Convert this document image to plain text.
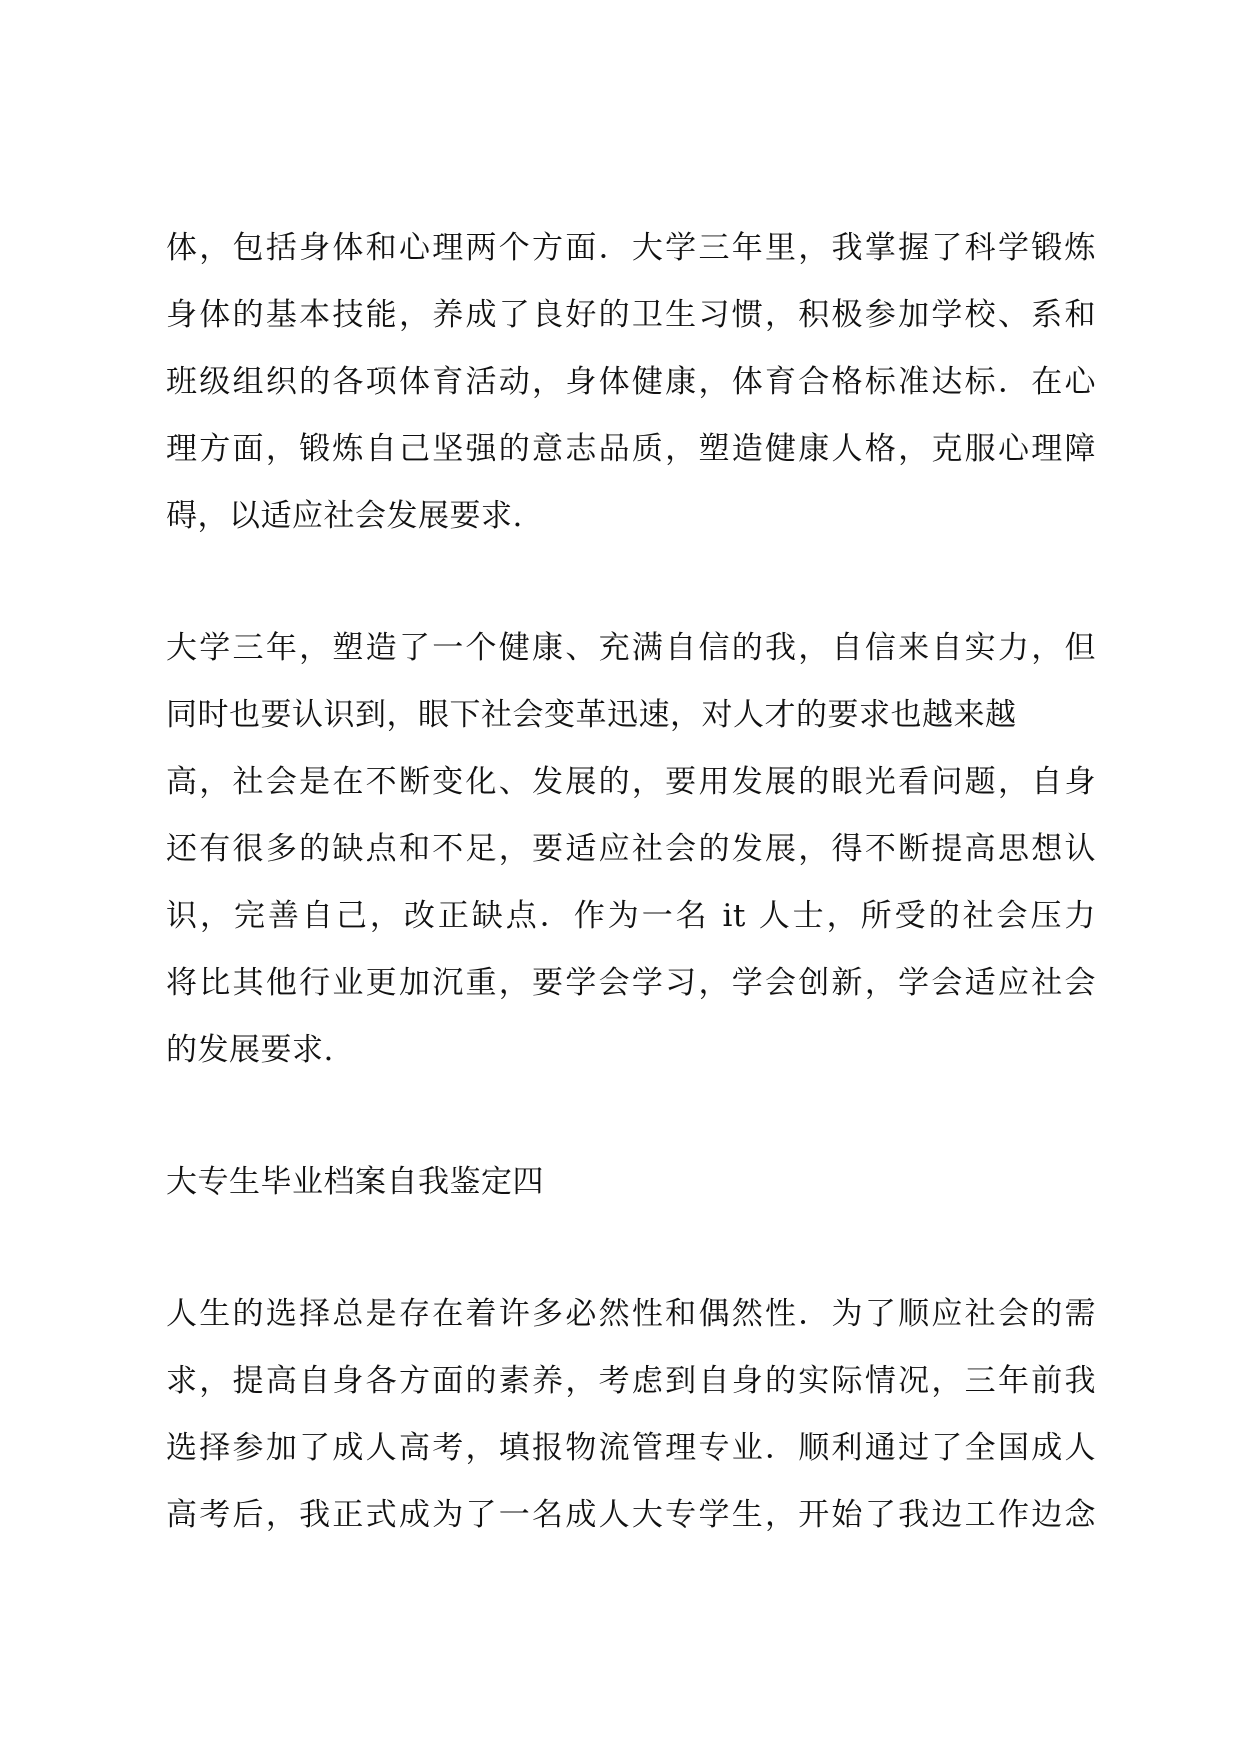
体，包括身体和心理两个方面．大学三年里，我掌握了科学锻炼
身体的基本技能，养成了良好的卫生习惯，积极参加学校、系和
班级组织的各项体育活动，身体健康，体育合格标准达标．在心
理方面，锻炼自己坚强的意志品质，塑造健康人格，克服心理障
碍，以适应社会发展要求.
大学三年，塑造了一个健康、充满自信的我，自信来自实力，但
同时也要认识到，眼下社会变革迅速，对人才的要求也越来越
高，社会是在不断变化、发展的，要用发展的眼光看问题，自身
还有很多的缺点和不足，要适应社会的发展，得不断提高思想认
识，完善自己，改正缺点．作为一名 it 人士，所受的社会压力
将比其他行业更加沉重，要学会学习，学会创新，学会适应社会
的发展要求.
大专生毕业档案自我鉴定四
人生的选择总是存在着许多必然性和偶然性．为了顺应社会的需
求，提高自身各方面的素养，考虑到自身的实际情况，三年前我
选择参加了成人高考，填报物流管理专业．顺利通过了全国成人
高考后，我正式成为了一名成人大专学生，开始了我边工作边念
